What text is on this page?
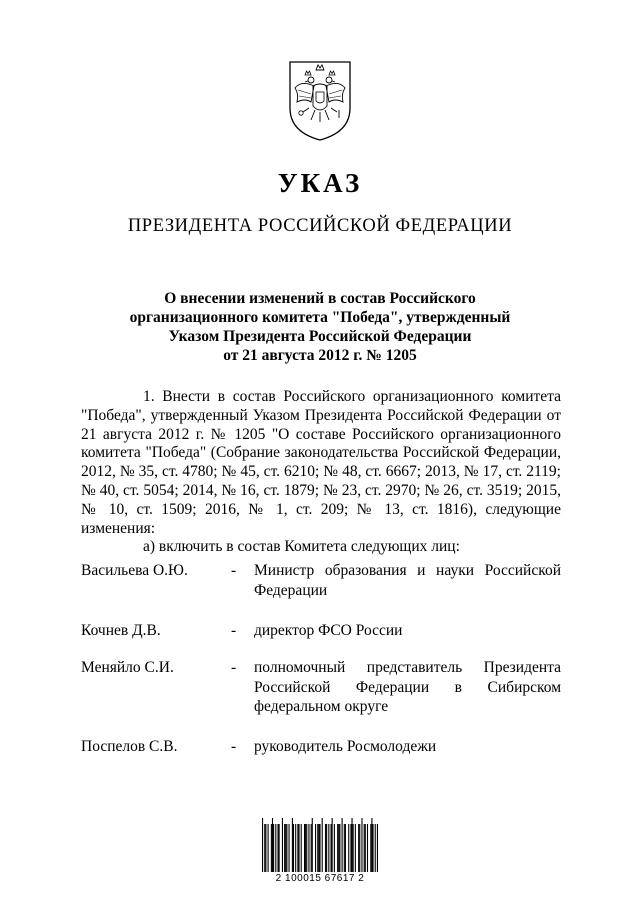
УКАЗ
ПРЕЗИДЕНТА РОССИЙСКОЙ ФЕДЕРАЦИИ
О внесении изменений в состав Российского
организационного комитета "Победа", утвержденный
Указом Президента Российской Федерации
от 21 августа 2012 г. № 1205

1. Внести в состав Российского организационного комитета "Победа", утвержденный Указом Президента Российской Федерации от 21 августа 2012 г. № 1205 "О составе Российского организационного комитета "Победа" (Собрание законодательства Российской Федерации, 2012, № 35, ст. 4780; № 45, ст. 6210; № 48, ст. 6667; 2013, № 17, ст. 2119; № 40, ст. 5054; 2014, № 16, ст. 1879; № 23, ст. 2970; № 26, ст. 3519; 2015, № 10, ст. 1509; 2016, № 1, ст. 209; № 13, ст. 1816), следующие изменения:

а) включить в состав Комитета следующих лиц:

Васильева О.Ю.	- Министр образования и науки Российской Федерации
Кочнев Д.В.	- директор ФСО России
Меняйло С.И.	- полномочный представитель Президента Российской Федерации в Сибирском федеральном округе
Поспелов С.В.	- руководитель Росмолодежи
2 100015 67617 2
